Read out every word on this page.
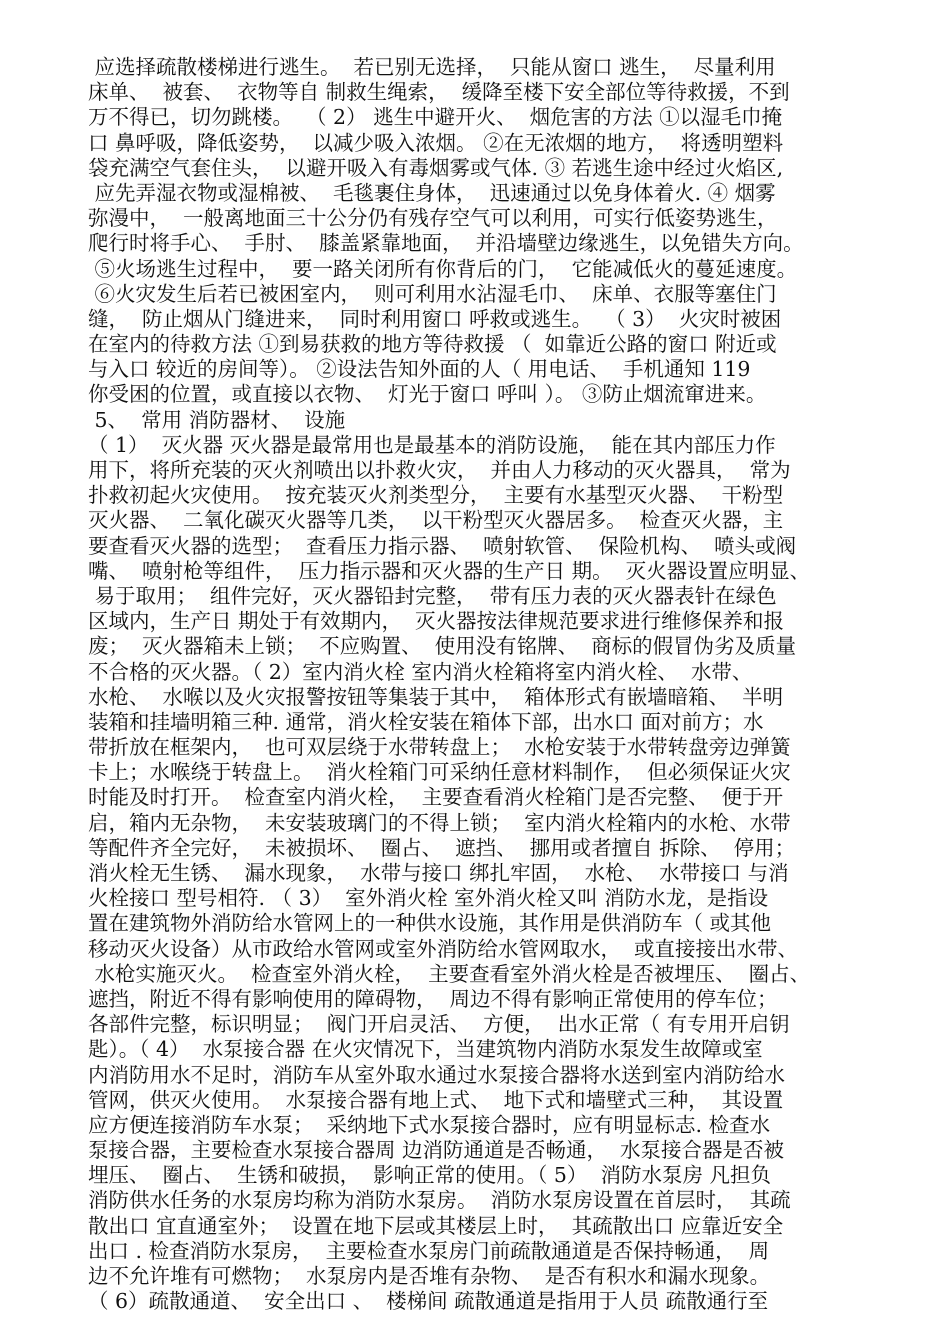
应选择疏散楼梯进行逃生。  若已别无选择，  只能从窗口 逃生，  尽量利用
床单、  被套、  衣物等自 制救生绳索，  缓降至楼下安全部位等待救援，不到
万不得已，切勿跳楼。  （ 2） 逃生中避开火、  烟危害的方法 ①以湿毛巾掩
口 鼻呼吸，降低姿势，  以减少吸入浓烟。 ②在无浓烟的地方，  将透明塑料
袋充满空气套住头，  以避开吸入有毒烟雾或气体. ③ 若逃生途中经过火焰区,
应先弄湿衣物或湿棉被、  毛毯裹住身体，  迅速通过以免身体着火. ④ 烟雾
弥漫中，  一般离地面三十公分仍有残存空气可以利用，可实行低姿势逃生，
爬行时将手心、  手肘、  膝盖紧靠地面，  并沿墙壁边缘逃生，以免错失方向。
⑤火场逃生过程中，  要一路关闭所有你背后的门，  它能减低火的蔓延速度。
⑥火灾发生后若已被困室内，  则可利用水沾湿毛巾、  床单、衣服等塞住门
缝，  防止烟从门缝进来，  同时利用窗口 呼救或逃生。  （ 3）  火灾时被困
在室内的待救方法 ①到易获救的地方等待救援 （  如靠近公路的窗口 附近或
与入口 较近的房间等）。 ②设法告知外面的人（ 用电话、  手机通知 119
你受困的位置，或直接以衣物、  灯光于窗口 呼叫 ）。 ③防止烟流窜进来。
5、  常用 消防器材、  设施
（ 1）  灭火器 灭火器是最常用也是最基本的消防设施，  能在其内部压力作
用下，将所充装的灭火剂喷出以扑救火灾，  并由人力移动的灭火器具，  常为
扑救初起火灾使用。  按充装灭火剂类型分，  主要有水基型灭火器、  干粉型
灭火器、  二氧化碳灭火器等几类，  以干粉型灭火器居多。  检查灭火器，主
要查看灭火器的选型；  查看压力指示器、  喷射软管、  保险机构、  喷头或阀
嘴、  喷射枪等组件，  压力指示器和灭火器的生产日 期。  灭火器设置应明显、
易于取用；  组件完好，灭火器铅封完整，  带有压力表的灭火器表针在绿色
区域内，生产日 期处于有效期内，  灭火器按法律规范要求进行维修保养和报
废；  灭火器箱未上锁；  不应购置、  使用没有铭牌、  商标的假冒伪劣及质量
不合格的灭火器。（ 2）室内消火栓 室内消火栓箱将室内消火栓、  水带、
水枪、  水喉以及火灾报警按钮等集装于其中，  箱体形式有嵌墙暗箱、  半明
装箱和挂墙明箱三种. 通常，消火栓安装在箱体下部，出水口 面对前方；水
带折放在框架内，  也可双层绕于水带转盘上；  水枪安装于水带转盘旁边弹簧
卡上；水喉绕于转盘上。  消火栓箱门可采纳任意材料制作，  但必须保证火灾
时能及时打开。  检查室内消火栓，  主要查看消火栓箱门是否完整、  便于开
启，箱内无杂物，  未安装玻璃门的不得上锁；  室内消火栓箱内的水枪、水带
等配件齐全完好，  未被损坏、  圈占、  遮挡、  挪用或者擅自 拆除、  停用；
消火栓无生锈、  漏水现象，  水带与接口 绑扎牢固，  水枪、  水带接口 与消
火栓接口 型号相符. （ 3）  室外消火栓 室外消火栓又叫 消防水龙，是指设
置在建筑物外消防给水管网上的一种供水设施，其作用是供消防车（ 或其他
移动灭火设备）从市政给水管网或室外消防给水管网取水，  或直接接出水带、
水枪实施灭火。  检查室外消火栓，  主要查看室外消火栓是否被埋压、  圈占、
遮挡，附近不得有影响使用的障碍物，  周边不得有影响正常使用的停车位；
各部件完整，标识明显；  阀门开启灵活、  方便，  出水正常（ 有专用开启钥
匙）。（ 4）  水泵接合器 在火灾情况下，当建筑物内消防水泵发生故障或室
内消防用水不足时，消防车从室外取水通过水泵接合器将水送到室内消防给水
管网，供灭火使用。  水泵接合器有地上式、  地下式和墙壁式三种，  其设置
应方便连接消防车水泵；  采纳地下式水泵接合器时，应有明显标志. 检查水
泵接合器，主要检查水泵接合器周 边消防通道是否畅通，  水泵接合器是否被
埋压、  圈占、  生锈和破损，  影响正常的使用。（ 5）  消防水泵房 凡担负
消防供水任务的水泵房均称为消防水泵房。  消防水泵房设置在首层时，  其疏
散出口 宜直通室外；  设置在地下层或其楼层上时，  其疏散出口 应靠近安全
出口 . 检查消防水泵房，  主要检查水泵房门前疏散通道是否保持畅通，  周
边不允许堆有可燃物；  水泵房内是否堆有杂物、  是否有积水和漏水现象。
（ 6）疏散通道、  安全出口 、  楼梯间 疏散通道是指用于人员 疏散通行至
